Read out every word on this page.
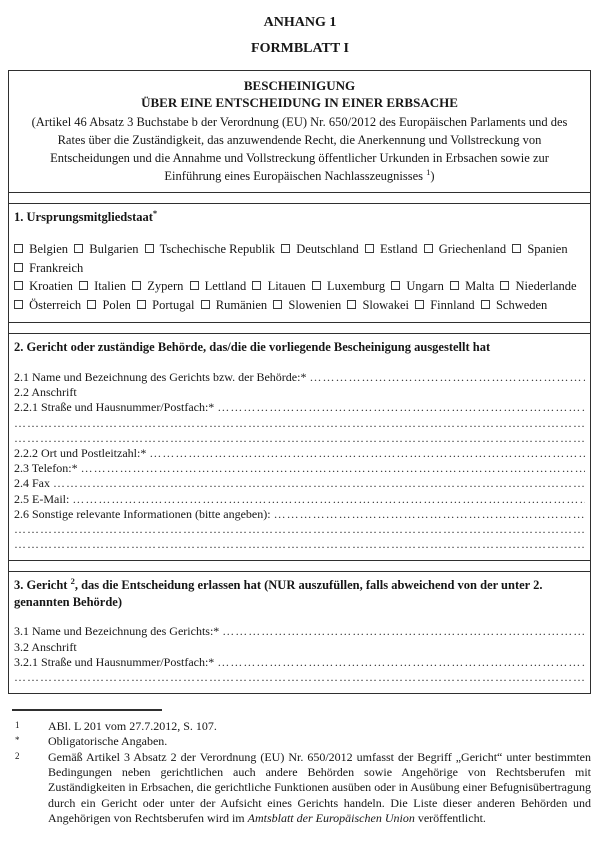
ANHANG 1
FORMBLATT I
BESCHEINIGUNG
ÜBER EINE ENTSCHEIDUNG IN EINER ERBSACHE
(Artikel 46 Absatz 3 Buchstabe b der Verordnung (EU) Nr. 650/2012 des Europäischen Parlaments und des Rates über die Zuständigkeit, das anzuwendende Recht, die Anerkennung und Vollstreckung von Entscheidungen und die Annahme und Vollstreckung öffentlicher Urkunden in Erbsachen sowie zur Einführung eines Europäischen Nachlasszeugnisses $^1$)
1. Ursprungsmitgliedstaat*

Belgien Bulgarien Tschechische Republik Deutschland Estland Griechenland Spanien  Frankreich

Kroatien Italien Zypern Lettland Litauen Luxemburg Ungarn Malta Niederlande

Österreich Polen Portugal Rumänien Slowenien Slowakei Finnland Schweden

2. Gericht oder zuständige Behörde, das/die die vorliegende Bescheinigung ausgestellt hat
2.1 Name und Bezeichnung des Gerichts bzw. der Behörde:*
……………………………………………………………………………………………………………………………………………………………………………………
2.2 Anschrift
2.2.1 Straße und Hausnummer/Postfach:*
……………………………………………………………………………………………………………………………………………………………………………………
……………………………………………………………………………………………………………………………………………………………………………………
……………………………………………………………………………………………………………………………………………………………………………………
2.2.2 Ort und Postleitzahl:*
……………………………………………………………………………………………………………………………………………………………………………………
2.3 Telefon:*
……………………………………………………………………………………………………………………………………………………………………………………
2.4 Fax
……………………………………………………………………………………………………………………………………………………………………………………
2.5 E-Mail:
……………………………………………………………………………………………………………………………………………………………………………………
2.6 Sonstige relevante Informationen (bitte angeben):
……………………………………………………………………………………………………………………………………………………………………………………
……………………………………………………………………………………………………………………………………………………………………………………
……………………………………………………………………………………………………………………………………………………………………………………
3. Gericht $^2$, das die Entscheidung erlassen hat (NUR auszufüllen, falls abweichend von der unter 2. genannten Behörde)
3.1 Name und Bezeichnung des Gerichts:*
……………………………………………………………………………………………………………………………………………………………………………………
3.2 Anschrift
3.2.1 Straße und Hausnummer/Postfach:*
……………………………………………………………………………………………………………………………………………………………………………………
……………………………………………………………………………………………………………………………………………………………………………………
1	ABl. L 201 vom 27.7.2012, S. 107.
*	Obligatorische Angaben.
2	Gemäß Artikel 3 Absatz 2 der Verordnung (EU) Nr. 650/2012 umfasst der Begriff „Gericht“ unter bestimmten Bedingungen neben gerichtlichen auch andere Behörden sowie Angehörige von Rechtsberufen mit Zuständigkeiten in Erbsachen, die gerichtliche Funktionen ausüben oder in Ausübung einer Befugnisübertragung durch ein Gericht oder unter der Aufsicht eines Gerichts handeln. Die Liste dieser anderen Behörden und Angehörigen von Rechtsberufen wird im Amtsblatt der Europäischen Union veröffentlicht.
